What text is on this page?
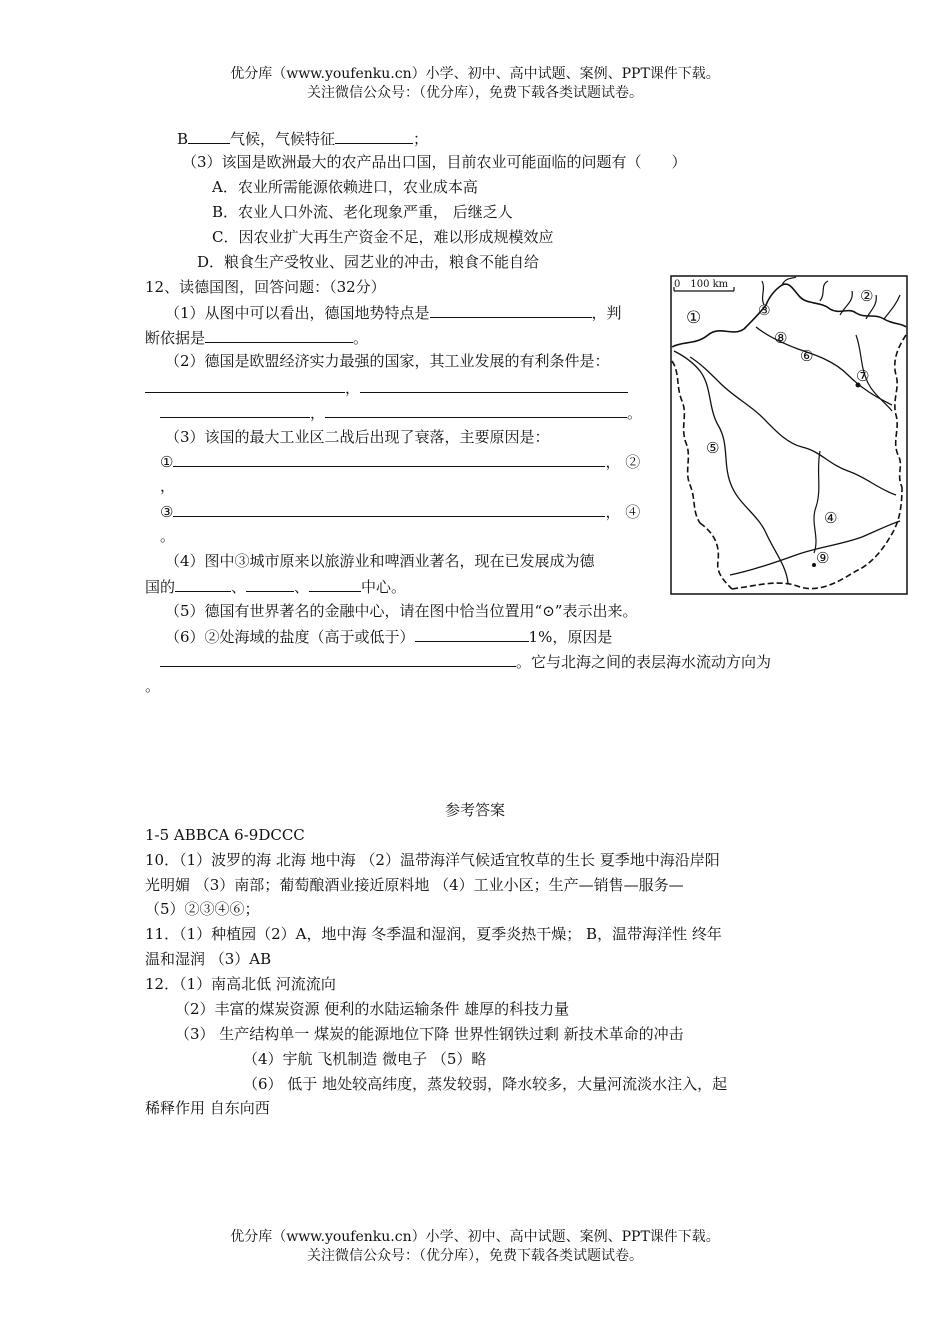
优分库（www.youfenku.cn）小学、初中、高中试题、案例、PPT课件下载。
关注微信公众号：（优分库），免费下载各类试题试卷。
B	气候，气候特征	；
（3）该国是欧洲最大的农产品出口国，目前农业可能面临的问题有（　　）
A．农业所需能源依赖进口，农业成本高
B．农业人口外流、老化现象严重， 后继乏人
C．因农业扩大再生产资金不足，难以形成规模效应
D．粮食生产受牧业、园艺业的冲击，粮食不能自给
12、读德国图，回答问题：（32分）
（1）从图中可以看出，德国地势特点是	，判
断依据是	。
（2）德国是欧盟经济实力最强的国家，其工业发展的有利条件是：
，
，	。
（3）该国的最大工业区二战后出现了衰落，主要原因是：
①	， ②
，
③	， ④
。
（4）图中③城市原来以旅游业和啤酒业著名，现在已发展成为德
国的	、	、	中心。
（5）德国有世界著名的金融中心，请在图中恰当位置用“⊙”表示出来。
（6）②处海域的盐度（高于或低于）	1%，原因是
。它与北海之间的表层海水流动方向为
。
0　100 km
①
②
③
④
⑤
⑥
⑦
⑧
⑨
参考答案
1-5 ABBCA 6-9DCCC
10．（1）波罗的海 北海 地中海 （2）温带海洋气候适宜牧草的生长 夏季地中海沿岸阳
光明媚 （3）南部；葡萄酿酒业接近原料地 （4）工业小区；生产—销售—服务—
（5）②③④⑥；
11．（1）种植园（2）A，地中海 冬季温和湿润，夏季炎热干燥； B，温带海洋性 终年
温和湿润 （3）AB
12．（1）南高北低 河流流向
（2）丰富的煤炭资源 便利的水陆运输条件 雄厚的科技力量
（3） 生产结构单一 煤炭的能源地位下降 世界性钢铁过剩 新技术革命的冲击
（4）宇航 飞机制造 微电子 （5）略
（6） 低于 地处较高纬度，蒸发较弱，降水较多，大量河流淡水注入，起
稀释作用 自东向西
优分库（www.youfenku.cn）小学、初中、高中试题、案例、PPT课件下载。
关注微信公众号：（优分库），免费下载各类试题试卷。
